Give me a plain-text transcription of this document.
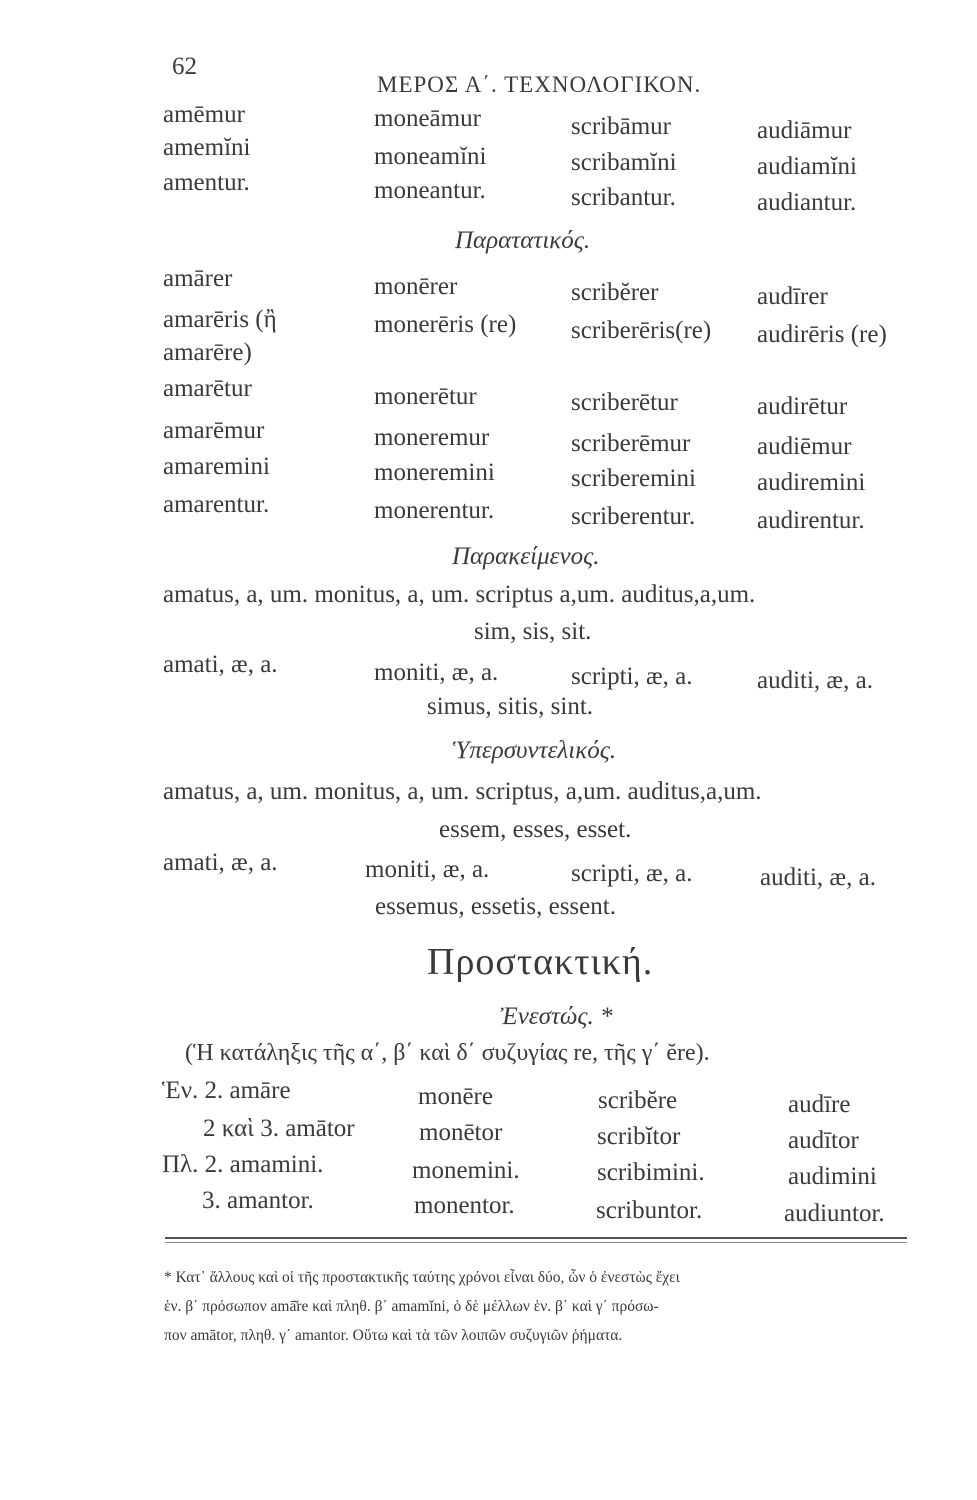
62
ΜΕΡΟΣ Α΄. ΤΕΧΝΟΛΟΓΙΚΟΝ.
amēmur	moneāmur	scribāmur	audiāmur
amemĭni	moneamĭni	scribamĭni	audiamĭni
amentur.	moneantur.	scribantur.	audiantur.
Παρατατικός.
amārer	monērer	scribĕrer	audīrer
amarēris (ἢ	monerēris (re) scriberēris(re) audirēris (re)
amarēre)
amarētur	monerētur	scriberētur	audirētur
amarēmur	moneremur	scriberēmur	audiēmur
amaremini	moneremini	scriberemini audiremini
amarentur.	monerentur.	scriberentur. audirentur.
Παρακείμενος.
amatus, a, um. monitus, a, um. scriptus a,um. auditus,a,um.
sim, sis, sit.
amati, æ, a.	moniti, æ, a.	scripti, æ, a.	auditi, æ, a.
simus, sitis, sint.
Ὑπερσυντελικός.
amatus, a, um. monitus, a, um. scriptus, a,um. auditus,a,um.
essem, esses, esset.
amati, æ, a.	moniti, æ, a.	scripti, æ, a.	auditi, æ, a.
essemus, essetis, essent.
Προστακτική.
Ἐνεστώς. *
(Ἡ κατάληξις τῆς α΄, β΄ καὶ δ΄ συζυγίας re, τῆς γ΄ ĕre).
Ἑν. 2. amāre	monēre	scribĕre	audīre
2 καὶ 3. amātor	monētor	scribĭtor	audītor
Πλ. 2. amamini.	monemini.	scribimini.	audimini
3. amantor.	monentor.	scribuntor.	audiuntor.
* Κατ᾽ ἄλλους καὶ οἱ τῆς προστακτικῆς ταύτης χρόνοι εἶναι δύο, ὧν ὁ ἐνεστὼς ἔχει
ἑν. β΄ πρόσωπον amā̆re καὶ πληθ. β΄ amamĭni, ὁ δὲ μέλλων ἑν. β΄ καὶ γ΄ πρόσω-
πον amātor, πληθ. γ΄ amantor. Οὕτω καὶ τὰ τῶν λοιπῶν συζυγιῶν ῥήματα.
